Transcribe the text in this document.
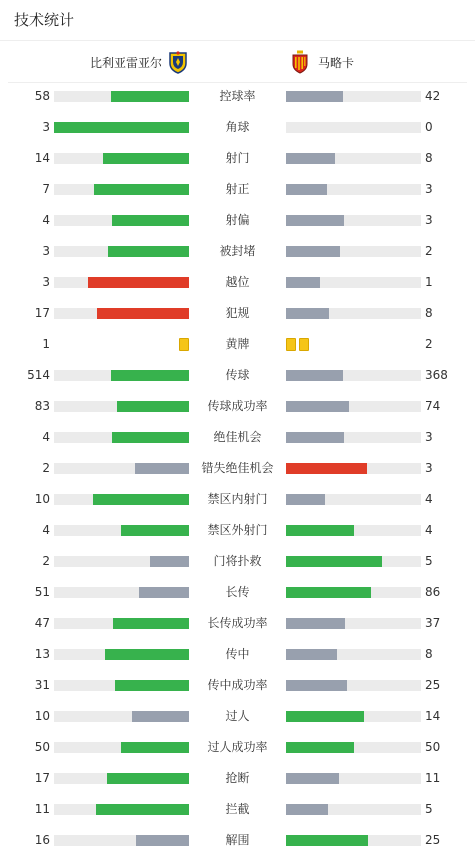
技术统计
比利亚雷亚尔	马略卡
58	控球率	42
3	角球	0
14	射门	8
7	射正	3
4	射偏	3
3	被封堵	2
3	越位	1
17	犯规	8
1	黄牌	2
514	传球	368
83	传球成功率	74
4	绝佳机会	3
2	错失绝佳机会	3
10	禁区内射门	4
4	禁区外射门	4
2	门将扑救	5
51	长传	86
47	长传成功率	37
13	传中	8
31	传中成功率	25
10	过人	14
50	过人成功率	50
17	抢断	11
11	拦截	5
16	解围	25
